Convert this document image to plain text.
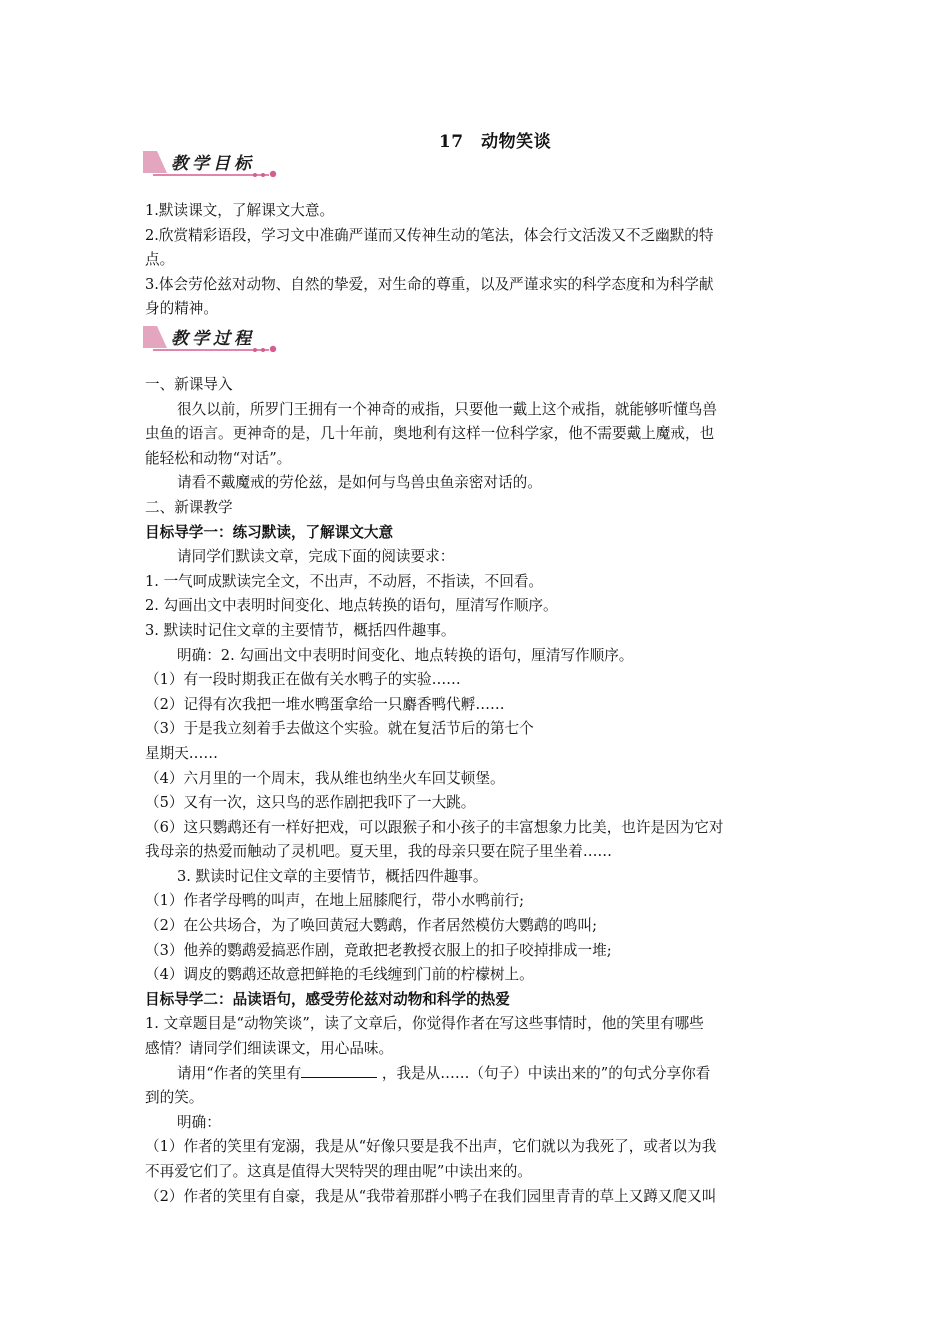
17　动物笑谈
教学目标
1.默读课文，了解课文大意。
2.欣赏精彩语段，学习文中准确严谨而又传神生动的笔法，体会行文活泼又不乏幽默的特
点。
3.体会劳伦兹对动物、自然的挚爱，对生命的尊重，以及严谨求实的科学态度和为科学献
身的精神。
教学过程
一、新课导入
很久以前，所罗门王拥有一个神奇的戒指，只要他一戴上这个戒指，就能够听懂鸟兽
虫鱼的语言。更神奇的是，几十年前，奥地利有这样一位科学家，他不需要戴上魔戒，也
能轻松和动物“对话”。
请看不戴魔戒的劳伦兹，是如何与鸟兽虫鱼亲密对话的。
二、新课教学
目标导学一：练习默读，了解课文大意
请同学们默读文章，完成下面的阅读要求：
1. 一气呵成默读完全文，不出声，不动唇，不指读，不回看。
2. 勾画出文中表明时间变化、地点转换的语句，厘清写作顺序。
3. 默读时记住文章的主要情节，概括四件趣事。
明确：2. 勾画出文中表明时间变化、地点转换的语句，厘清写作顺序。
（1）有一段时期我正在做有关水鸭子的实验……
（2）记得有次我把一堆水鸭蛋拿给一只麝香鸭代孵……
（3）于是我立刻着手去做这个实验。就在复活节后的第七个
星期天……
（4）六月里的一个周末，我从维也纳坐火车回艾顿堡。
（5）又有一次，这只鸟的恶作剧把我吓了一大跳。
（6）这只鹦鹉还有一样好把戏，可以跟猴子和小孩子的丰富想象力比美，也许是因为它对
我母亲的热爱而触动了灵机吧。夏天里，我的母亲只要在院子里坐着……
3. 默读时记住文章的主要情节，概括四件趣事。
（1）作者学母鸭的叫声，在地上屈膝爬行，带小水鸭前行;
（2）在公共场合，为了唤回黄冠大鹦鹉，作者居然模仿大鹦鹉的鸣叫;
（3）他养的鹦鹉爱搞恶作剧，竟敢把老教授衣服上的扣子咬掉排成一堆;
（4）调皮的鹦鹉还故意把鲜艳的毛线缠到门前的柠檬树上。
目标导学二：品读语句，感受劳伦兹对动物和科学的热爱
1. 文章题目是“动物笑谈”，读了文章后，你觉得作者在写这些事情时，他的笑里有哪些
感情？请同学们细读课文，用心品味。
请用“作者的笑里有	，我是从……（句子）中读出来的”的句式分享你看
到的笑。
明确：
（1）作者的笑里有宠溺，我是从“好像只要是我不出声，它们就以为我死了，或者以为我
不再爱它们了。这真是值得大哭特哭的理由呢”中读出来的。
（2）作者的笑里有自豪，我是从“我带着那群小鸭子在我们园里青青的草上又蹲又爬又叫
